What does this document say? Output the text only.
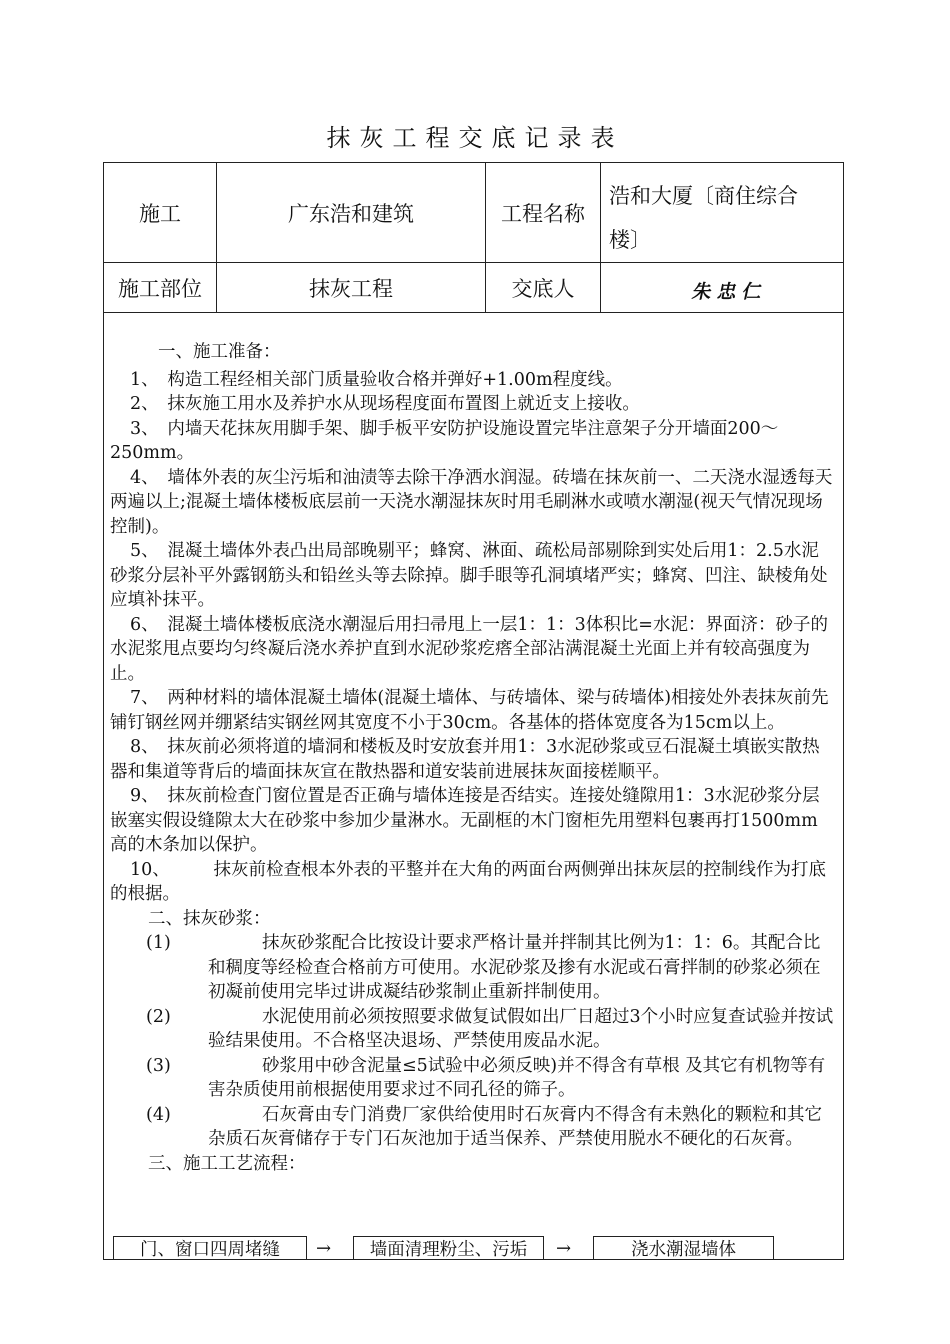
抹灰工程交底记录表
施工	广东浩和建筑	工程名称
浩和大厦〔商住综合
楼〕
施工部位	抹灰工程	交底人	朱忠仁

一、施工准备：

1、　构造工程经相关部门质量验收合格并弹好+1.00m程度线。

2、　抹灰施工用水及养护水从现场程度面布置图上就近支上接收。

3、　内墙天花抹灰用脚手架、脚手板平安防护设施设置完毕注意架子分开墙面200～250mm。

4、　墙体外表的灰尘污垢和油渍等去除干净洒水润湿。砖墙在抹灰前一、二天浇水湿透每天两遍以上;混凝土墙体楼板底层前一天浇水潮湿抹灰时用毛刷淋水或喷水潮湿(视天气情况现场控制)。

5、　混凝土墙体外表凸出局部晚剔平；蜂窝、淋面、疏松局部剔除到实处后用1：2.5水泥砂浆分层补平外露钢筋头和铅丝头等去除掉。脚手眼等孔洞填堵严实；蜂窝、凹注、缺棱角处应填补抹平。

6、　混凝土墙体楼板底浇水潮湿后用扫帚甩上一层1：1：3体积比=水泥：界面济：砂子的水泥浆甩点要均匀终凝后浇水养护直到水泥砂浆疙瘩全部沾满混凝土光面上并有较高强度为止。

7、　两种材料的墙体混凝土墙体(混凝土墙体、与砖墙体、梁与砖墙体)相接处外表抹灰前先铺钉钢丝网并绷紧结实钢丝网其宽度不小于30cm。各基体的搭体宽度各为15cm以上。

8、　抹灰前必须将道的墙洞和楼板及时安放套并用1：3水泥砂浆或豆石混凝土填嵌实散热器和集道等背后的墙面抹灰宣在散热器和道安装前进展抹灰面接槎顺平。

9、　抹灰前检查门窗位置是否正确与墙体连接是否结实。连接处缝隙用1：3水泥砂浆分层嵌塞实假设缝隙太大在砂浆中参加少量淋水。无副框的木门窗柜先用塑料包裹再打1500mm高的木条加以保护。

10、　　　抹灰前检查根本外表的平整并在大角的两面台两侧弹出抹灰层的控制线作为打底的根据。

二、抹灰砂浆：

(1)	抹灰砂浆配合比按设计要求严格计量并拌制其比例为1：1：6。其配合比和稠度等经检查合格前方可使用。水泥砂浆及掺有水泥或石膏拌制的砂浆必须在初凝前使用完毕过讲成凝结砂浆制止重新拌制使用。
(2)	水泥使用前必须按照要求做复试假如出厂日超过3个小时应复查试验并按试验结果使用。不合格坚决退场、严禁使用废品水泥。
(3)	砂浆用中砂含泥量≤5试验中必须反映)并不得含有草根 及其它有机物等有害杂质使用前根据使用要求过不同孔径的筛子。
(4)	石灰膏由专门消费厂家供给使用时石灰膏内不得含有未熟化的颗粒和其它杂质石灰膏储存于专门石灰池加于适当保养、严禁使用脱水不硬化的石灰膏。

三、施工工艺流程：

门、窗口四周堵缝	→	墙面清理粉尘、污垢	→	浇水潮湿墙体
